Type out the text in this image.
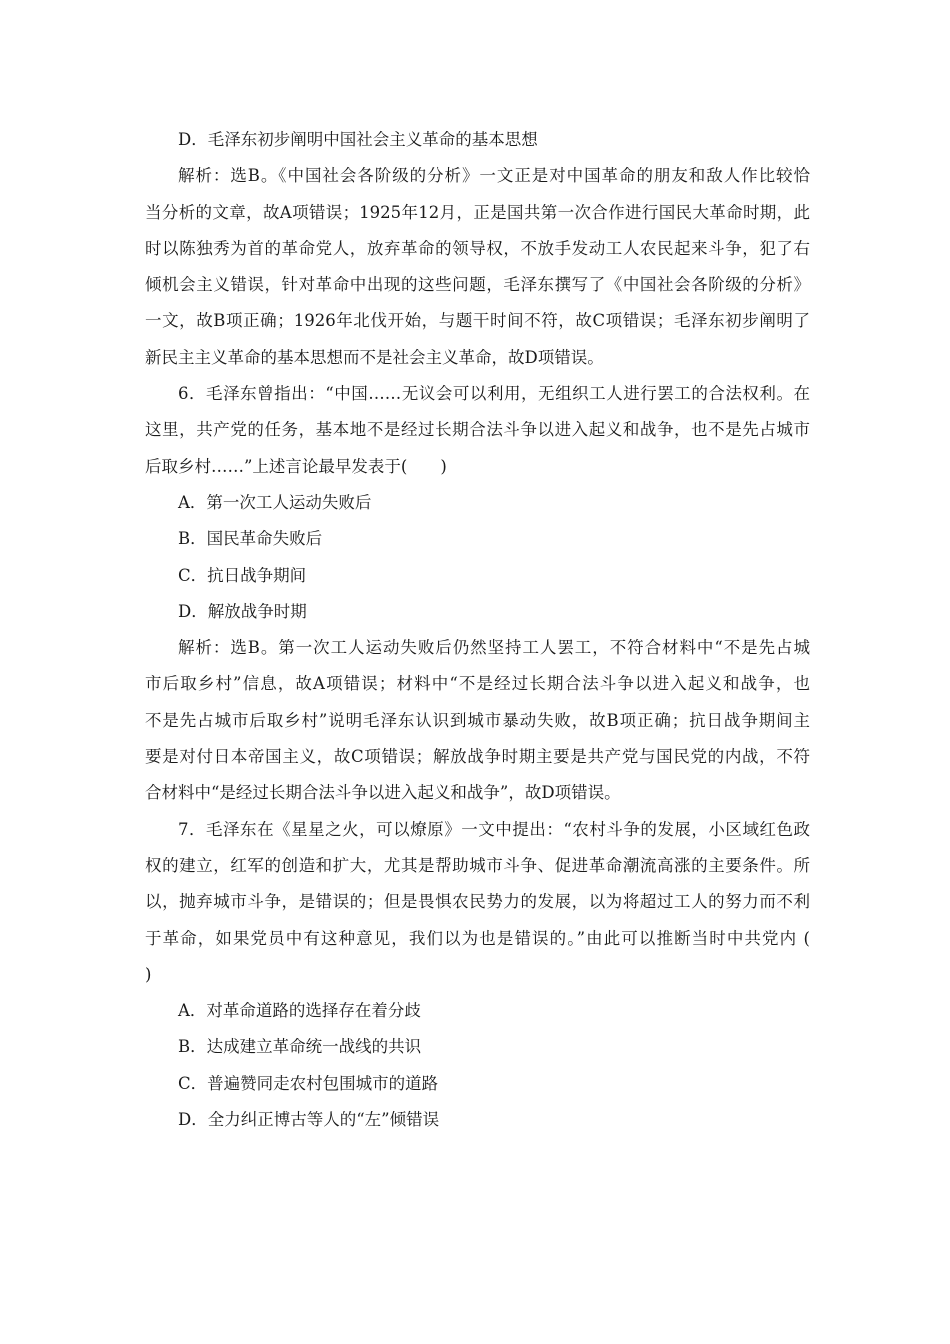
D．毛泽东初步阐明中国社会主义革命的基本思想
解析：选B。《中国社会各阶级的分析》一文正是对中国革命的朋友和敌人作比较恰
当分析的文章，故A项错误；1925年12月，正是国共第一次合作进行国民大革命时期，此
时以陈独秀为首的革命党人，放弃革命的领导权，不放手发动工人农民起来斗争，犯了右
倾机会主义错误，针对革命中出现的这些问题，毛泽东撰写了《中国社会各阶级的分析》
一文，故B项正确；1926年北伐开始，与题干时间不符，故C项错误；毛泽东初步阐明了
新民主主义革命的基本思想而不是社会主义革命，故D项错误。
6．毛泽东曾指出：“中国……无议会可以利用，无组织工人进行罢工的合法权利。在
这里，共产党的任务，基本地不是经过长期合法斗争以进入起义和战争，也不是先占城市
后取乡村……”上述言论最早发表于(　　)
A．第一次工人运动失败后
B．国民革命失败后
C．抗日战争期间
D．解放战争时期
解析：选B。第一次工人运动失败后仍然坚持工人罢工，不符合材料中“不是先占城
市后取乡村”信息，故A项错误；材料中“不是经过长期合法斗争以进入起义和战争，也
不是先占城市后取乡村”说明毛泽东认识到城市暴动失败，故B项正确；抗日战争期间主
要是对付日本帝国主义，故C项错误；解放战争时期主要是共产党与国民党的内战，不符
合材料中“是经过长期合法斗争以进入起义和战争”，故D项错误。
7．毛泽东在《星星之火，可以燎原》一文中提出：“农村斗争的发展，小区域红色政
权的建立，红军的创造和扩大，尤其是帮助城市斗争、促进革命潮流高涨的主要条件。所
以，抛弃城市斗争，是错误的；但是畏惧农民势力的发展，以为将超过工人的努力而不利
于革命，如果党员中有这种意见，我们以为也是错误的。”由此可以推断当时中共党内 (
)
A．对革命道路的选择存在着分歧
B．达成建立革命统一战线的共识
C．普遍赞同走农村包围城市的道路
D．全力纠正博古等人的“左”倾错误
